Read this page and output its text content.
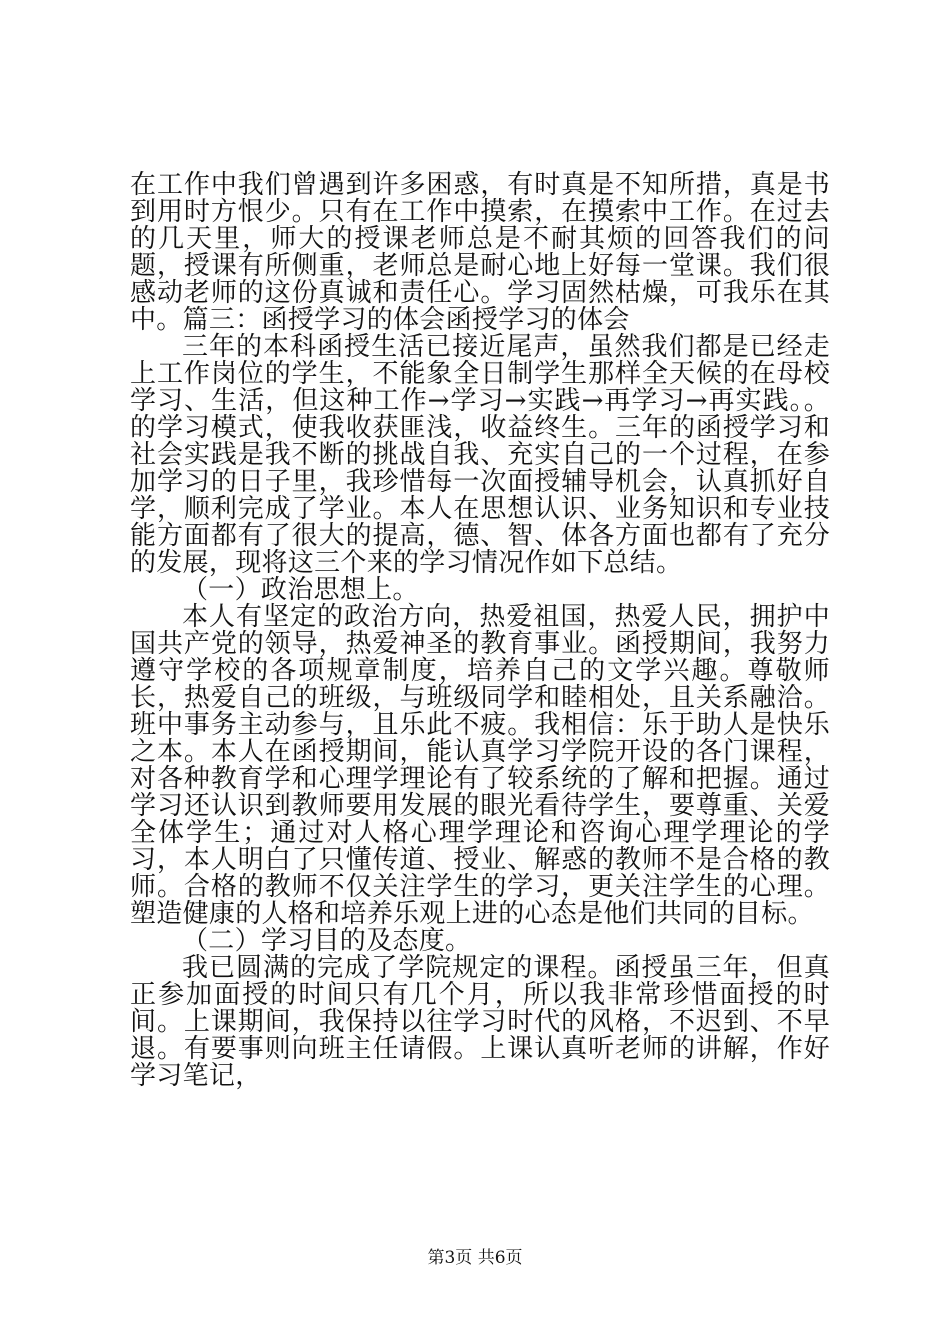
在工作中我们曾遇到许多困惑，有时真是不知所措，真是书到用时方恨少。只有在工作中摸索，在摸索中工作。在过去的几天里，师大的授课老师总是不耐其烦的回答我们的问题，授课有所侧重，老师总是耐心地上好每一堂课。我们很感动老师的这份真诚和责任心。学习固然枯燥，可我乐在其中。篇三：函授学习的体会函授学习的体会

三年的本科函授生活已接近尾声，虽然我们都是已经走上工作岗位的学生，不能象全日制学生那样全天候的在母校学习、生活，但这种工作→学习→实践→再学习→再实践。。的学习模式，使我收获匪浅，收益终生。三年的函授学习和社会实践是我不断的挑战自我、充实自己的一个过程，在参加学习的日子里，我珍惜每一次面授辅导机会，认真抓好自学，顺利完成了学业。本人在思想认识、业务知识和专业技能方面都有了很大的提高，德、智、体各方面也都有了充分的发展，现将这三个来的学习情况作如下总结。

（一）政治思想上。

本人有坚定的政治方向，热爱祖国，热爱人民，拥护中国共产党的领导，热爱神圣的教育事业。函授期间，我努力遵守学校的各项规章制度，培养自己的文学兴趣。尊敬师长，热爱自己的班级，与班级同学和睦相处，且关系融洽。班中事务主动参与，且乐此不疲。我相信：乐于助人是快乐之本。本人在函授期间，能认真学习学院开设的各门课程，对各种教育学和心理学理论有了较系统的了解和把握。通过学习还认识到教师要用发展的眼光看待学生，要尊重、关爱全体学生；通过对人格心理学理论和咨询心理学理论的学习，本人明白了只懂传道、授业、解惑的教师不是合格的教师。合格的教师不仅关注学生的学习，更关注学生的心理。塑造健康的人格和培养乐观上进的心态是他们共同的目标。

（二）学习目的及态度。

我已圆满的完成了学院规定的课程。函授虽三年，但真正参加面授的时间只有几个月，所以我非常珍惜面授的时间。上课期间，我保持以往学习时代的风格，不迟到、不早退。有要事则向班主任请假。上课认真听老师的讲解，作好学习笔记，

第3页 共6页
